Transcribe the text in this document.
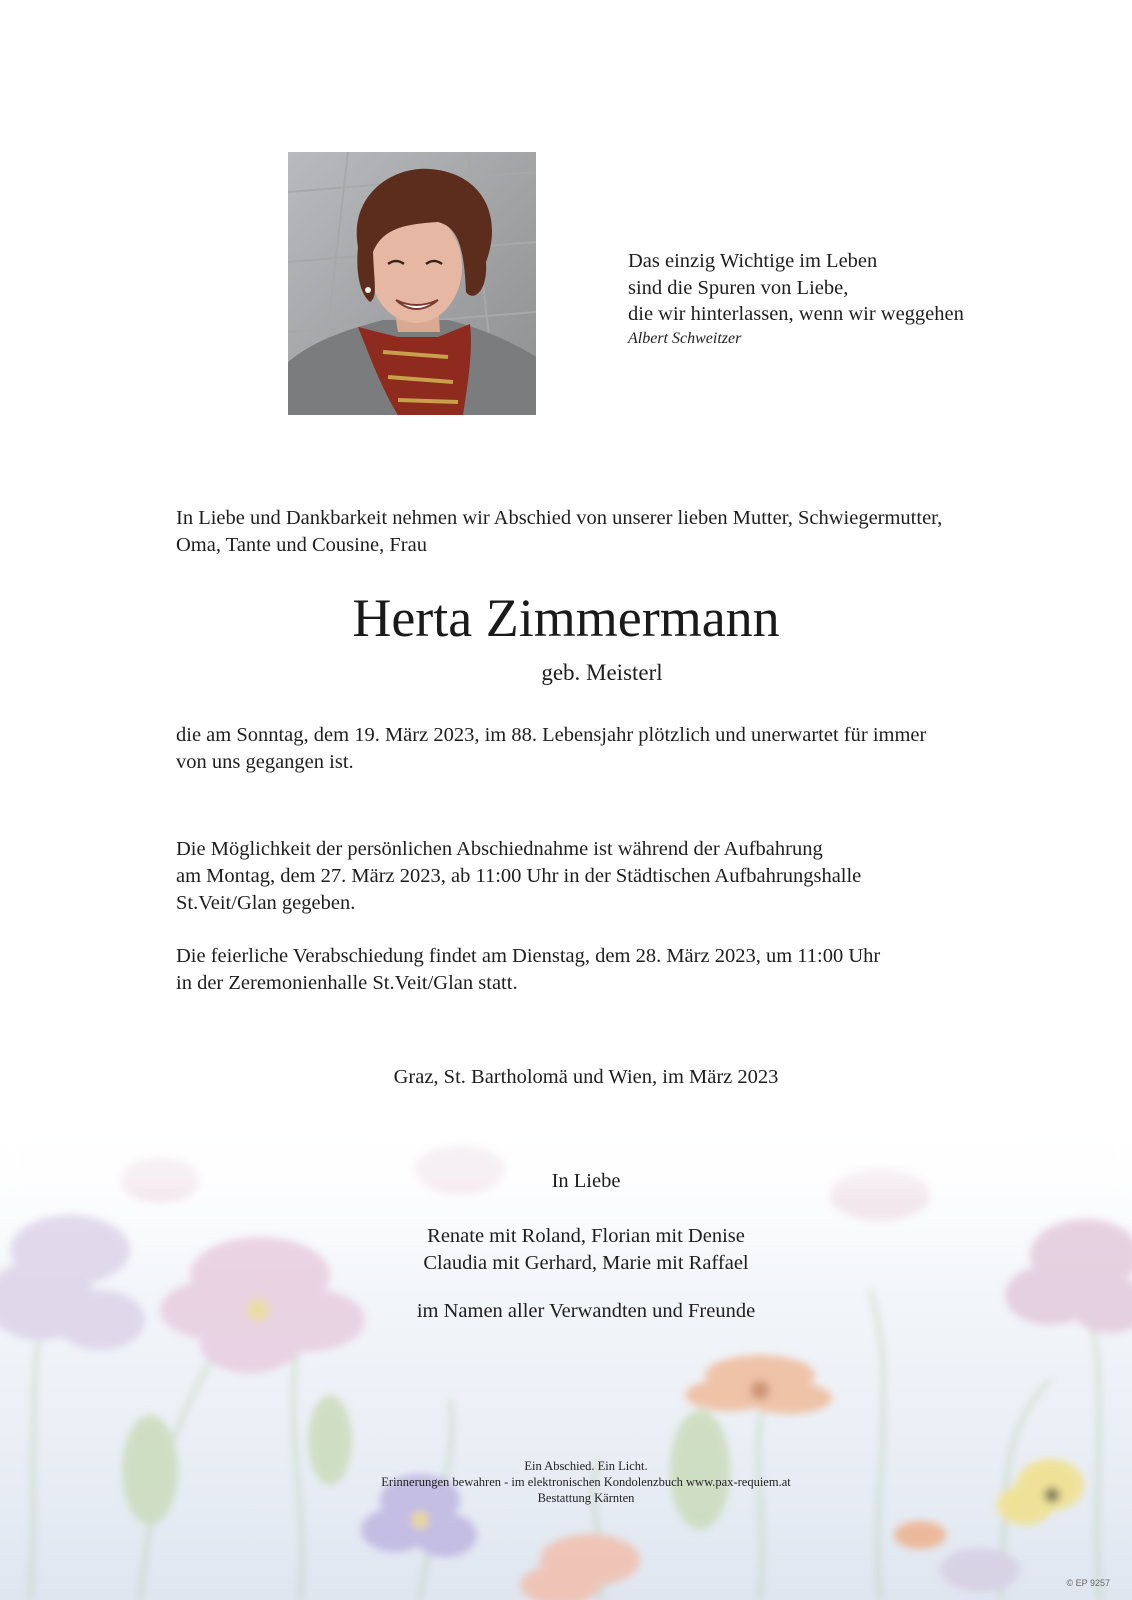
Das einzig Wichtige im Leben
sind die Spuren von Liebe,
die wir hinterlassen, wenn wir weggehen
Albert Schweitzer
In Liebe und Dankbarkeit nehmen wir Abschied von unserer lieben Mutter, Schwiegermutter,
Oma, Tante und Cousine, Frau
Herta Zimmermann
geb. Meisterl
die am Sonntag, dem 19. März 2023, im 88. Lebensjahr plötzlich und unerwartet für immer
von uns gegangen ist.
Die Möglichkeit der persönlichen Abschiednahme ist während der Aufbahrung
am Montag, dem 27. März 2023, ab 11:00 Uhr in der Städtischen Aufbahrungshalle
St.Veit/Glan gegeben.
Die feierliche Verabschiedung findet am Dienstag, dem 28. März 2023, um 11:00 Uhr
in der Zeremonienhalle St.Veit/Glan statt.
Graz, St. Bartholomä und Wien, im März 2023
In Liebe
Renate mit Roland, Florian mit Denise
Claudia mit Gerhard, Marie mit Raffael
im Namen aller Verwandten und Freunde
Ein Abschied. Ein Licht.
Erinnerungen bewahren - im elektronischen Kondolenzbuch www.pax-requiem.at
Bestattung Kärnten
© EP 9257
